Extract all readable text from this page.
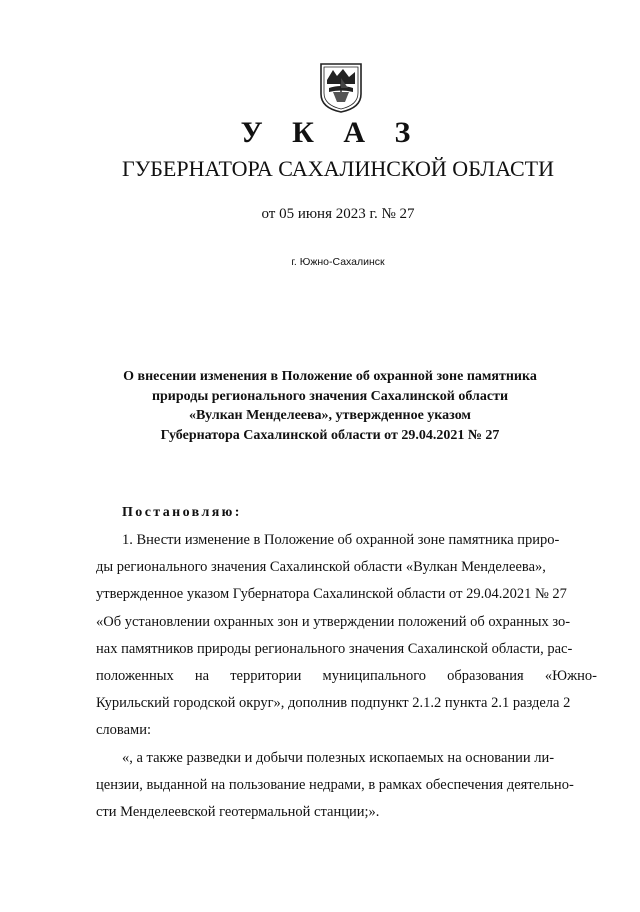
У К А З
ГУБЕРНАТОРА САХАЛИНСКОЙ ОБЛАСТИ
от 05 июня 2023 г. № 27
г. Южно-Сахалинск
О внесении изменения в Положение об охранной зоне памятника
природы регионального значения Сахалинской области
«Вулкан Менделеева», утвержденное указом
Губернатора Сахалинской области от 29.04.2021 № 27
Постановляю:
1. Внести изменение в Положение об охранной зоне памятника приро-
ды регионального значения Сахалинской области «Вулкан Менделеева»,
утвержденное указом Губернатора Сахалинской области от 29.04.2021 № 27
«Об установлении охранных зон и утверждении положений об охранных зо-
нах памятников природы регионального значения Сахалинской области, рас-
положенных на территории муниципального образования «Южно-
Курильский городской округ», дополнив подпункт 2.1.2 пункта 2.1 раздела 2
словами:
«, а также разведки и добычи полезных ископаемых на основании ли-
цензии, выданной на пользование недрами, в рамках обеспечения деятельно-
сти Менделеевской геотермальной станции;».
